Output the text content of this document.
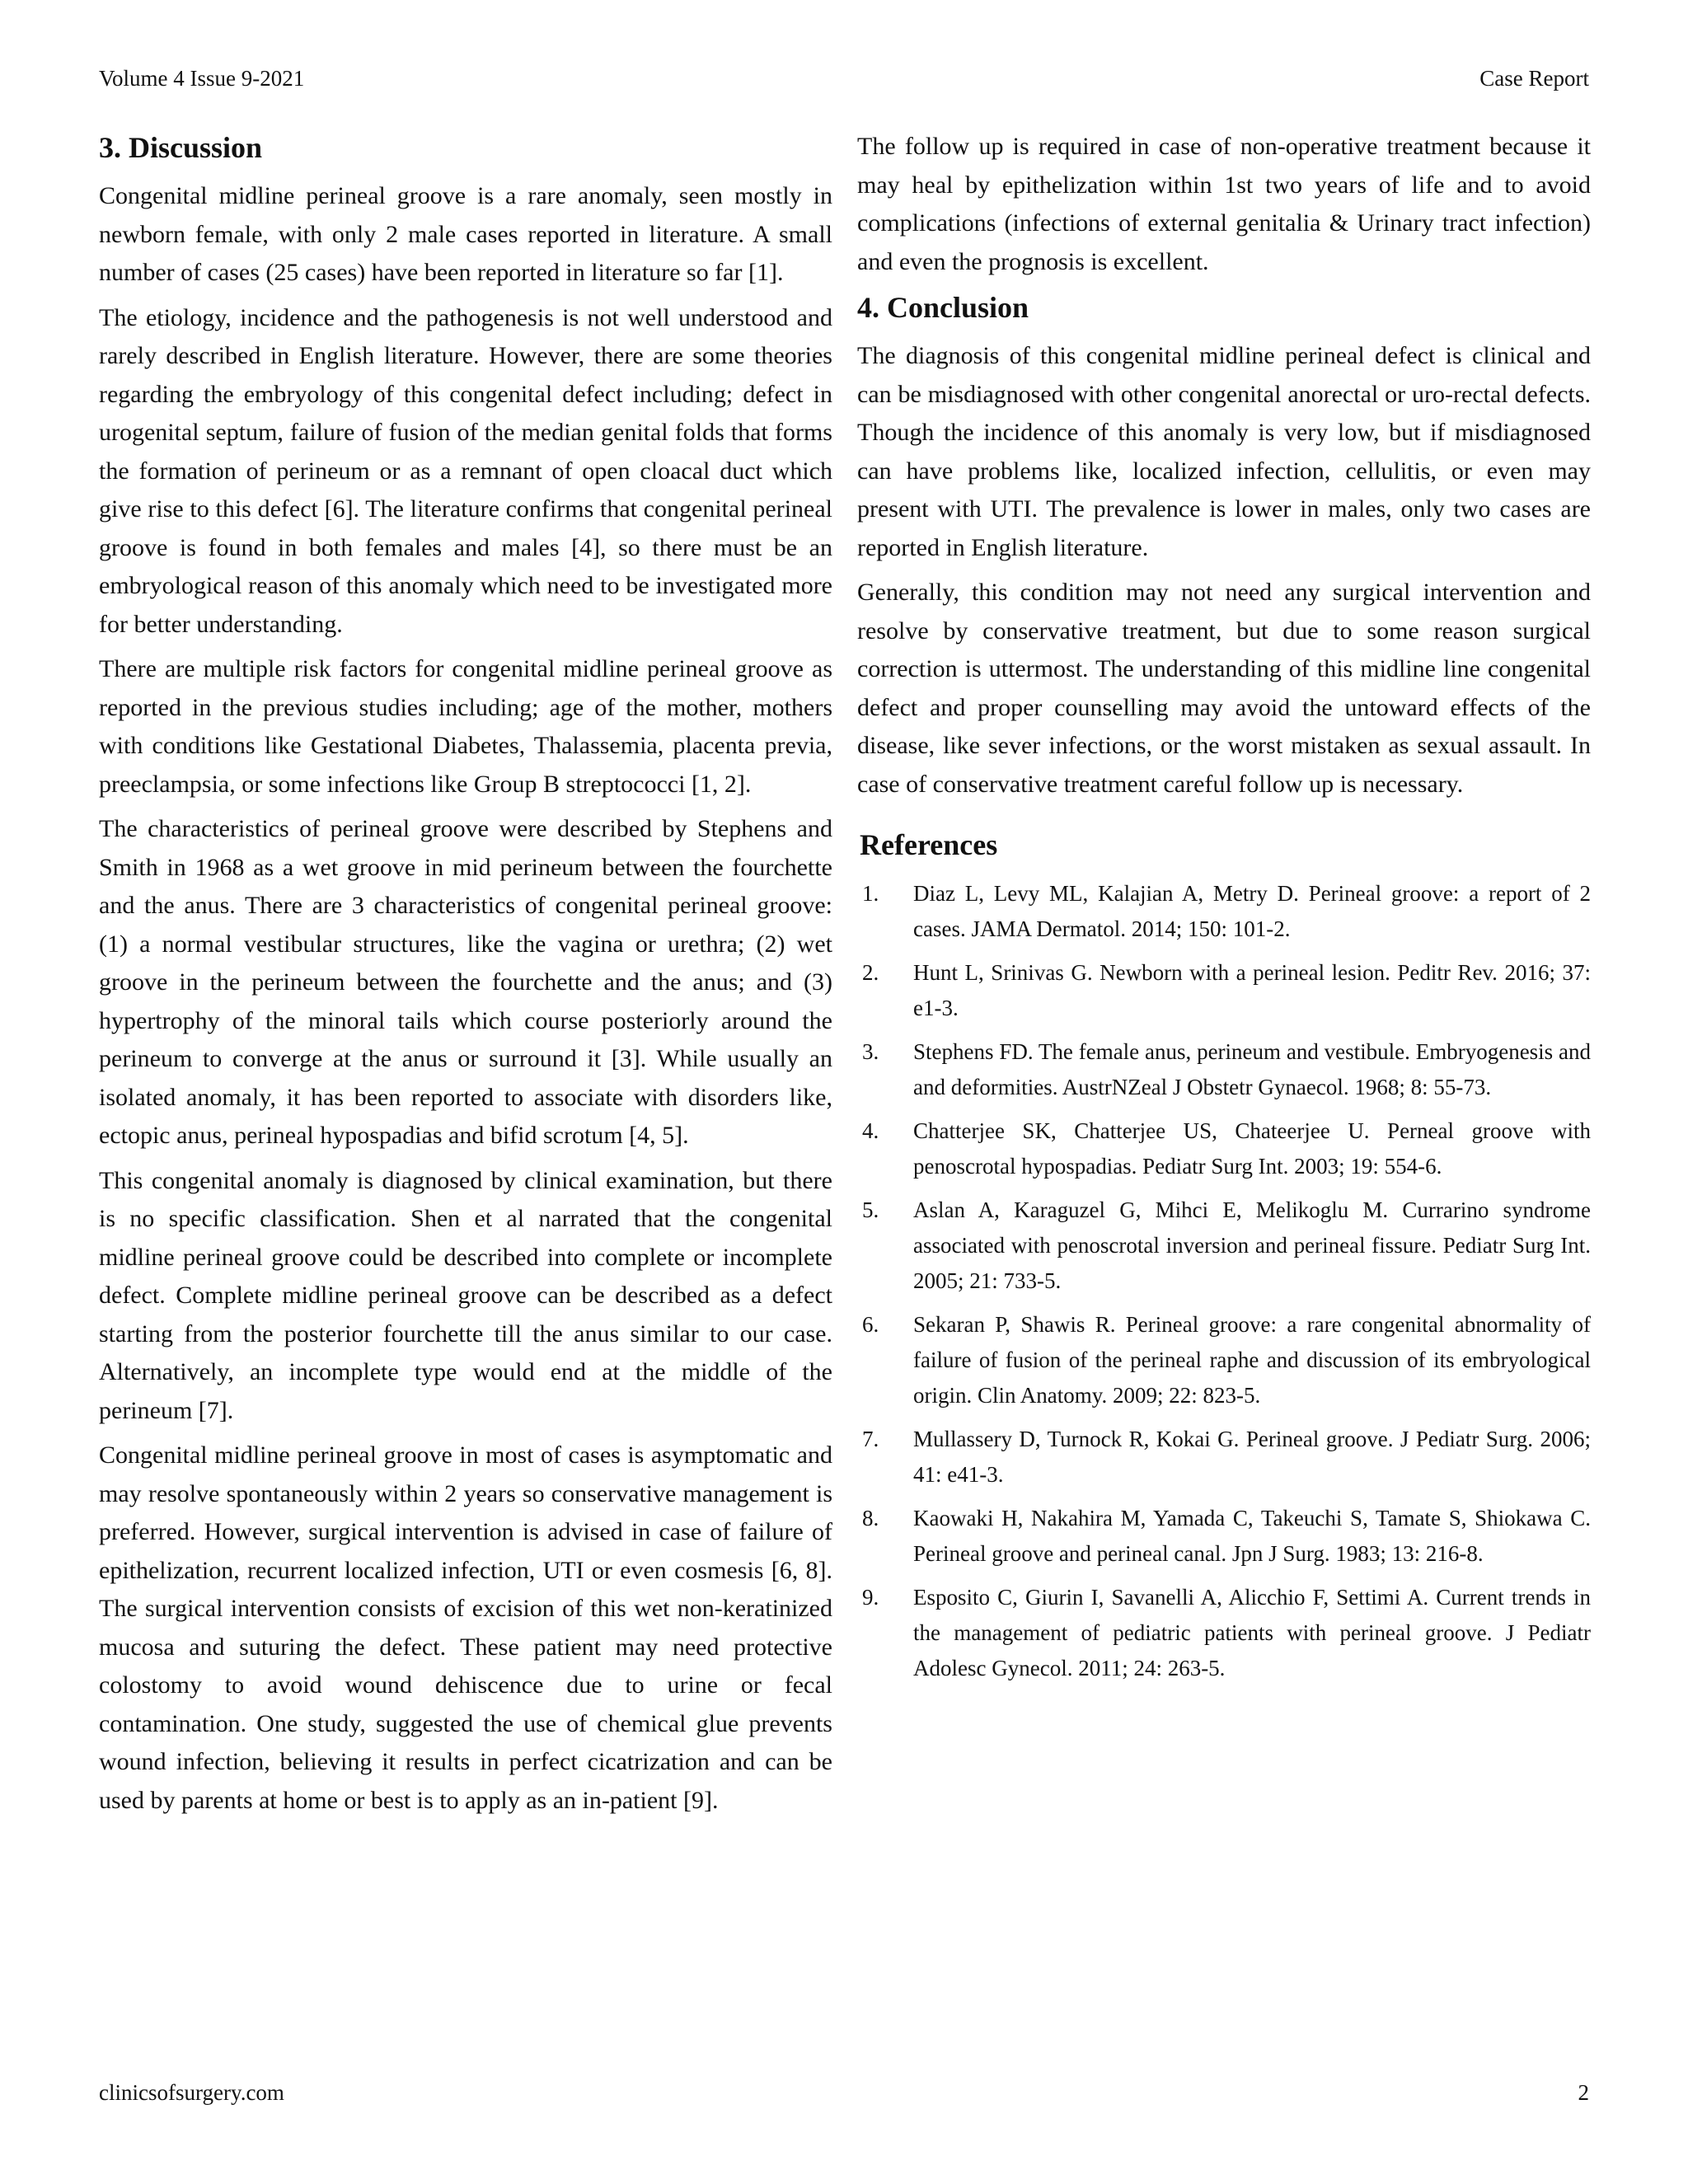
Volume 4 Issue 9-2021	Case Report
3. Discussion

Congenital midline perineal groove is a rare anomaly, seen mostly in newborn female, with only 2 male cases reported in literature. A small number of cases (25 cases) have been reported in literature so far [1].

The etiology, incidence and the pathogenesis is not well understood and rarely described in English literature. However, there are some theories regarding the embryology of this congenital defect including; defect in urogenital septum, failure of fusion of the median genital folds that forms the formation of perineum or as a remnant of open cloacal duct which give rise to this defect [6]. The literature confirms that congenital perineal groove is found in both females and males [4], so there must be an embryological reason of this anomaly which need to be investigated more for better understanding.

There are multiple risk factors for congenital midline perineal groove as reported in the previous studies including; age of the mother, mothers with conditions like Gestational Diabetes, Thalassemia, placenta previa, preeclampsia, or some infections like Group B streptococci [1, 2].

The characteristics of perineal groove were described by Stephens and Smith in 1968 as a wet groove in mid perineum between the fourchette and the anus. There are 3 characteristics of congenital perineal groove: (1) a normal vestibular structures, like the vagina or urethra; (2) wet groove in the perineum between the fourchette and the anus; and (3) hypertrophy of the minoral tails which course posteriorly around the perineum to converge at the anus or surround it [3]. While usually an isolated anomaly, it has been reported to associate with disorders like, ectopic anus, perineal hypospadias and bifid scrotum [4, 5].

This congenital anomaly is diagnosed by clinical examination, but there is no specific classification. Shen et al narrated that the congenital midline perineal groove could be described into complete or incomplete defect. Complete midline perineal groove can be described as a defect starting from the posterior fourchette till the anus similar to our case. Alternatively, an incomplete type would end at the middle of the perineum [7].

Congenital midline perineal groove in most of cases is asymptomatic and may resolve spontaneously within 2 years so conservative management is preferred. However, surgical intervention is advised in case of failure of epithelization, recurrent localized infection, UTI or even cosmesis [6, 8]. The surgical intervention consists of excision of this wet non-keratinized mucosa and suturing the defect. These patient may need protective colostomy to avoid wound dehiscence due to urine or fecal contamination. One study, suggested the use of chemical glue prevents wound infection, believing it results in perfect cicatrization and can be used by parents at home or best is to apply as an in-patient [9].

The follow up is required in case of non-operative treatment because it may heal by epithelization within 1st two years of life and to avoid complications (infections of external genitalia & Urinary tract infection) and even the prognosis is excellent.

4. Conclusion

The diagnosis of this congenital midline perineal defect is clinical and can be misdiagnosed with other congenital anorectal or uro-rectal defects. Though the incidence of this anomaly is very low, but if misdiagnosed can have problems like, localized infection, cellulitis, or even may present with UTI. The prevalence is lower in males, only two cases are reported in English literature.

Generally, this condition may not need any surgical intervention and resolve by conservative treatment, but due to some reason surgical correction is uttermost. The understanding of this midline line congenital defect and proper counselling may avoid the untoward effects of the disease, like sever infections, or the worst mistaken as sexual assault. In case of conservative treatment careful follow up is necessary.

References
1. Diaz L, Levy ML, Kalajian A, Metry D. Perineal groove: a report of 2 cases. JAMA Dermatol. 2014; 150: 101-2.
2. Hunt L, Srinivas G. Newborn with a perineal lesion. Peditr Rev. 2016; 37: e1-3.
3. Stephens FD. The female anus, perineum and vestibule. Embryogenesis and and deformities. AustrNZeal J Obstetr Gynaecol. 1968; 8: 55-73.
4. Chatterjee SK, Chatterjee US, Chateerjee U. Perneal groove with penoscrotal hypospadias. Pediatr Surg Int. 2003; 19: 554-6.
5. Aslan A, Karaguzel G, Mihci E, Melikoglu M. Currarino syndrome associated with penoscrotal inversion and perineal fissure. Pediatr Surg Int. 2005; 21: 733-5.
6. Sekaran P, Shawis R. Perineal groove: a rare congenital abnormality of failure of fusion of the perineal raphe and discussion of its embryological origin. Clin Anatomy. 2009; 22: 823-5.
7. Mullassery D, Turnock R, Kokai G. Perineal groove. J Pediatr Surg. 2006; 41: e41-3.
8. Kaowaki H, Nakahira M, Yamada C, Takeuchi S, Tamate S, Shiokawa C. Perineal groove and perineal canal. Jpn J Surg. 1983; 13: 216-8.
9. Esposito C, Giurin I, Savanelli A, Alicchio F, Settimi A. Current trends in the management of pediatric patients with perineal groove. J Pediatr Adolesc Gynecol. 2011; 24: 263-5.
clinicsofsurgery.com	2
